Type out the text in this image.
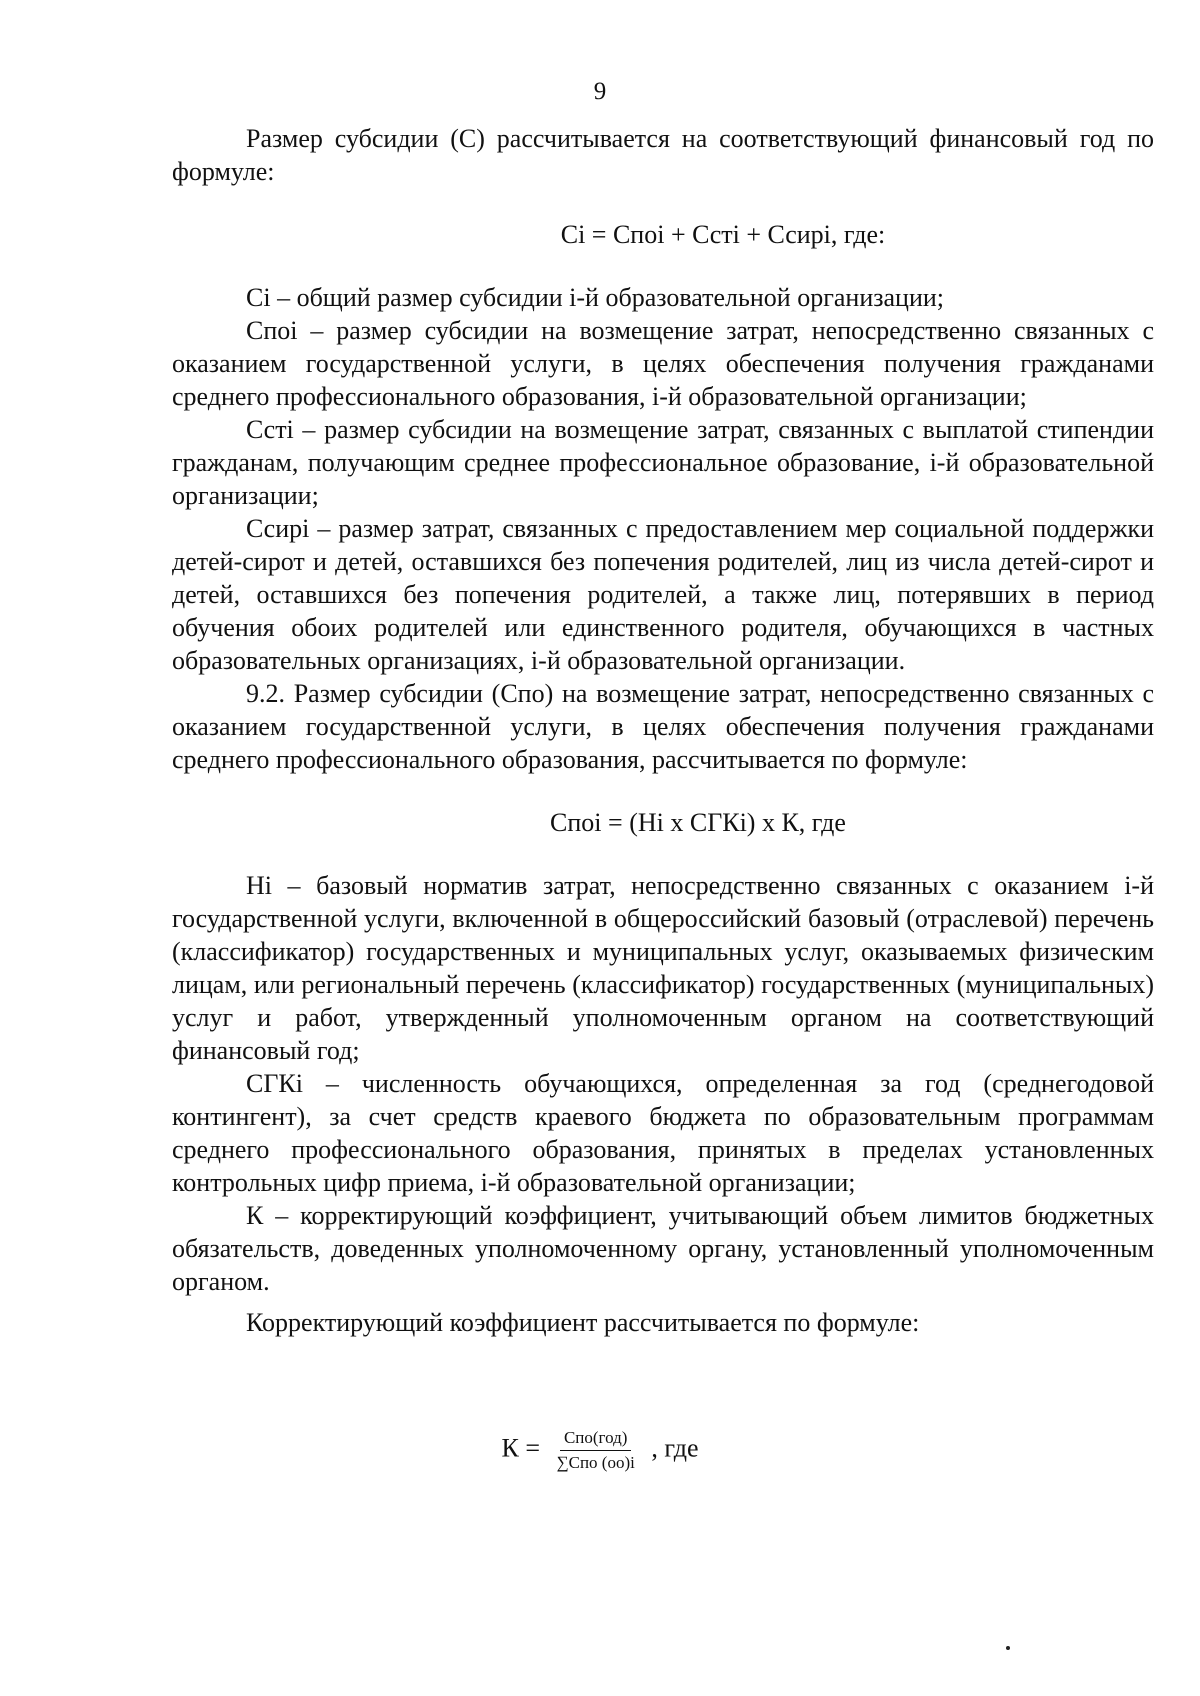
9

Размер субсидии (С) рассчитывается на соответствующий финансовый год по формуле:

Сi = Споi + Сстi + Ссирi, где:

Сi – общий размер субсидии i-й образовательной организации;

Споi – размер субсидии на возмещение затрат, непосредственно связанных с оказанием государственной услуги, в целях обеспечения получения гражданами среднего профессионального образования, i-й образовательной организации;

Сстi – размер субсидии на возмещение затрат, связанных с выплатой стипендии гражданам, получающим среднее профессиональное образование, i-й образовательной организации;

Ссирi – размер затрат, связанных с предоставлением мер социальной поддержки детей-сирот и детей, оставшихся без попечения родителей, лиц из числа детей-сирот и детей, оставшихся без попечения родителей, а также лиц, потерявших в период обучения обоих родителей или единственного родителя, обучающихся в частных образовательных организациях, i-й образовательной организации.

9.2. Размер субсидии (Спо) на возмещение затрат, непосредственно связанных с оказанием государственной услуги, в целях обеспечения получения гражданами среднего профессионального образования, рассчитывается по формуле:

Споi = (Нi х СГКi) х К, где

Нi – базовый норматив затрат, непосредственно связанных с оказанием i-й государственной услуги, включенной в общероссийский базовый (отраслевой) перечень (классификатор) государственных и муниципальных услуг, оказываемых физическим лицам, или региональный перечень (классификатор) государственных (муниципальных) услуг и работ, утвержденный уполномоченным органом на соответствующий финансовый год;

СГКi – численность обучающихся, определенная за год (среднегодовой контингент), за счет средств краевого бюджета по образовательным программам среднего профессионального образования, принятых в пределах установленных контрольных цифр приема, i-й образовательной организации;

К – корректирующий коэффициент, учитывающий объем лимитов бюджетных обязательств, доведенных уполномоченному органу, установленный уполномоченным органом.

Корректирующий коэффициент рассчитывается по формуле:

$К = \frac{\text{Спо(год)}}{\text{∑Спо (оо)i}}$ , где
